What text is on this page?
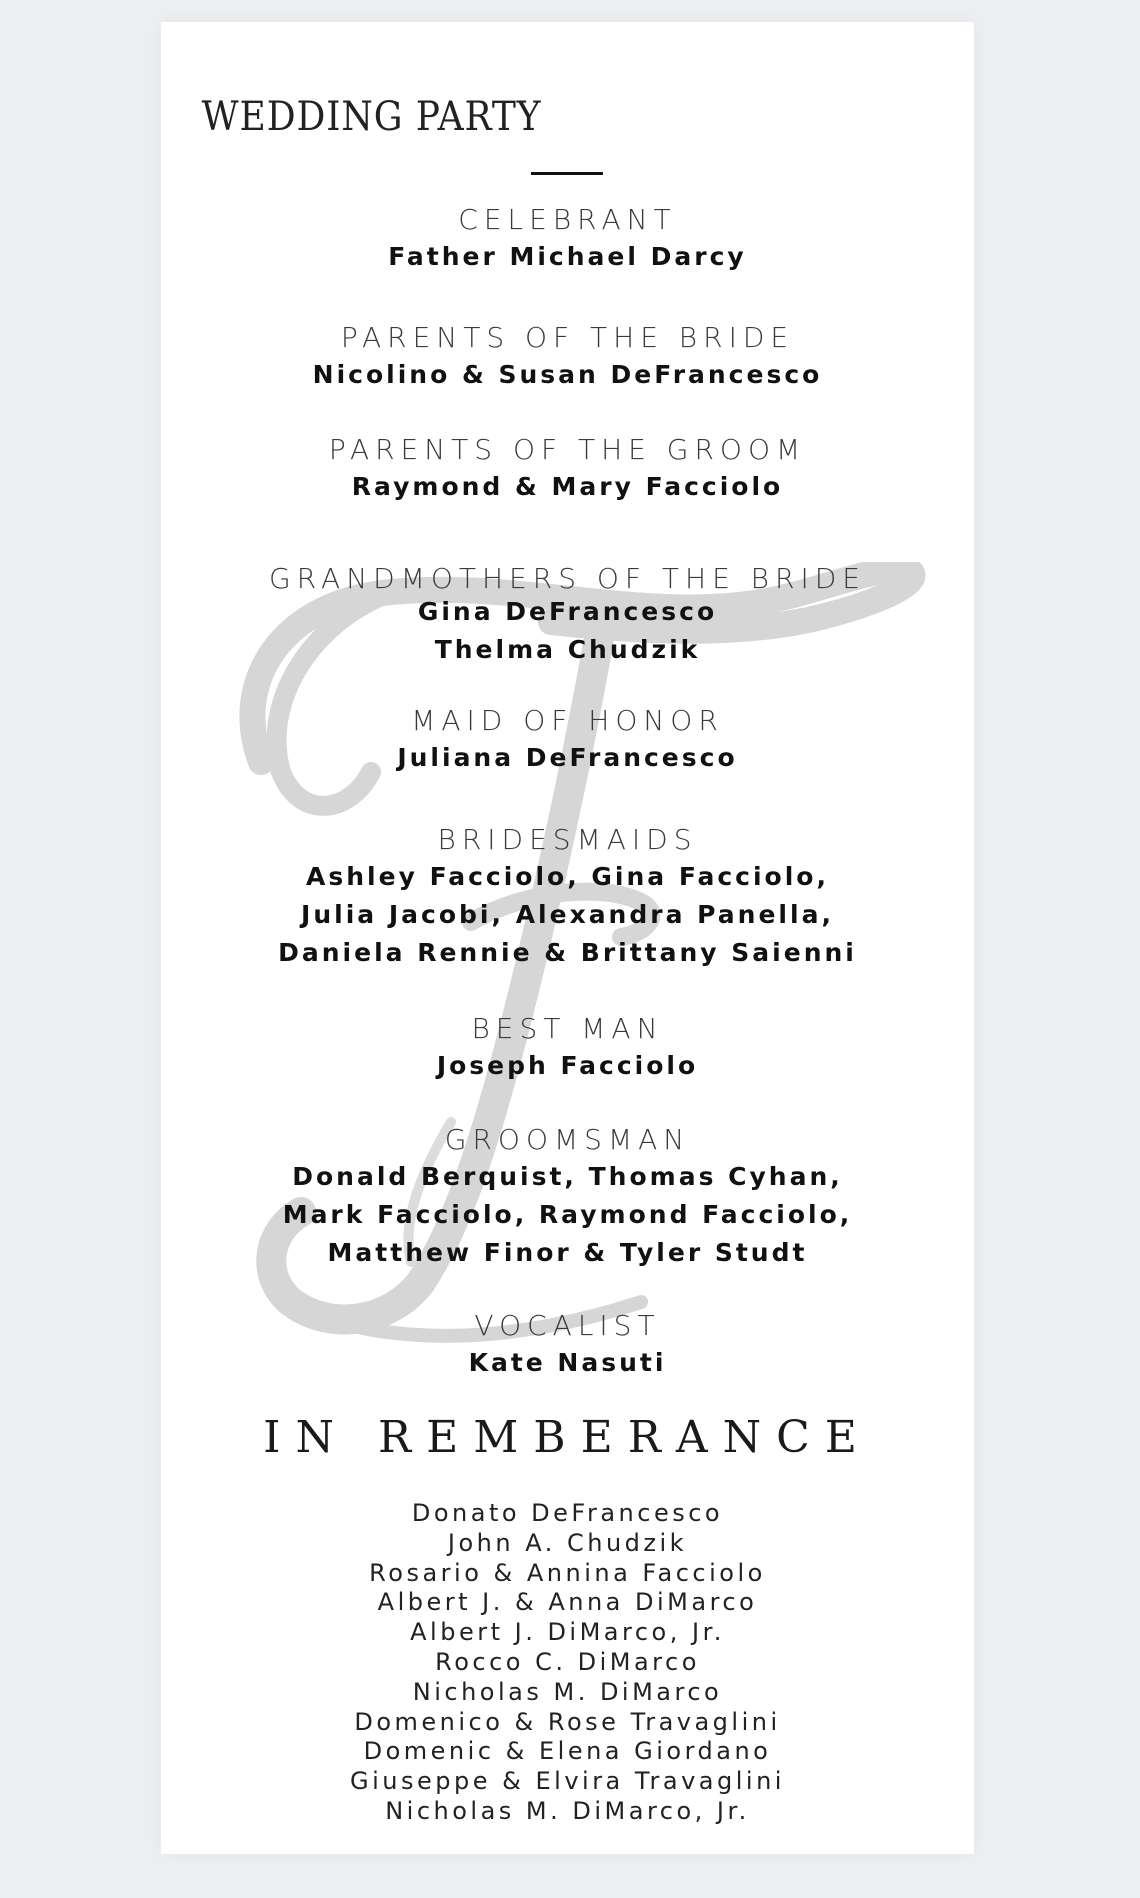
WEDDING PARTY
CELEBRANT
Father Michael Darcy
PARENTS OF THE BRIDE
Nicolino & Susan DeFrancesco
PARENTS OF THE GROOM
Raymond & Mary Facciolo
GRANDMOTHERS OF THE BRIDE
Gina DeFrancesco
Thelma Chudzik
MAID OF HONOR
Juliana DeFrancesco
BRIDESMAIDS
Ashley Facciolo, Gina Facciolo,
Julia Jacobi, Alexandra Panella,
Daniela Rennie & Brittany Saienni
BEST MAN
Joseph Facciolo
GROOMSMAN
Donald Berquist, Thomas Cyhan,
Mark Facciolo, Raymond Facciolo,
Matthew Finor & Tyler Studt
VOCALIST
Kate Nasuti
IN REMBERANCE
Donato DeFrancesco
John A. Chudzik
Rosario & Annina Facciolo
Albert J. & Anna DiMarco
Albert J. DiMarco, Jr.
Rocco C. DiMarco
Nicholas M. DiMarco
Domenico & Rose Travaglini
Domenic & Elena Giordano
Giuseppe & Elvira Travaglini
Nicholas M. DiMarco, Jr.
